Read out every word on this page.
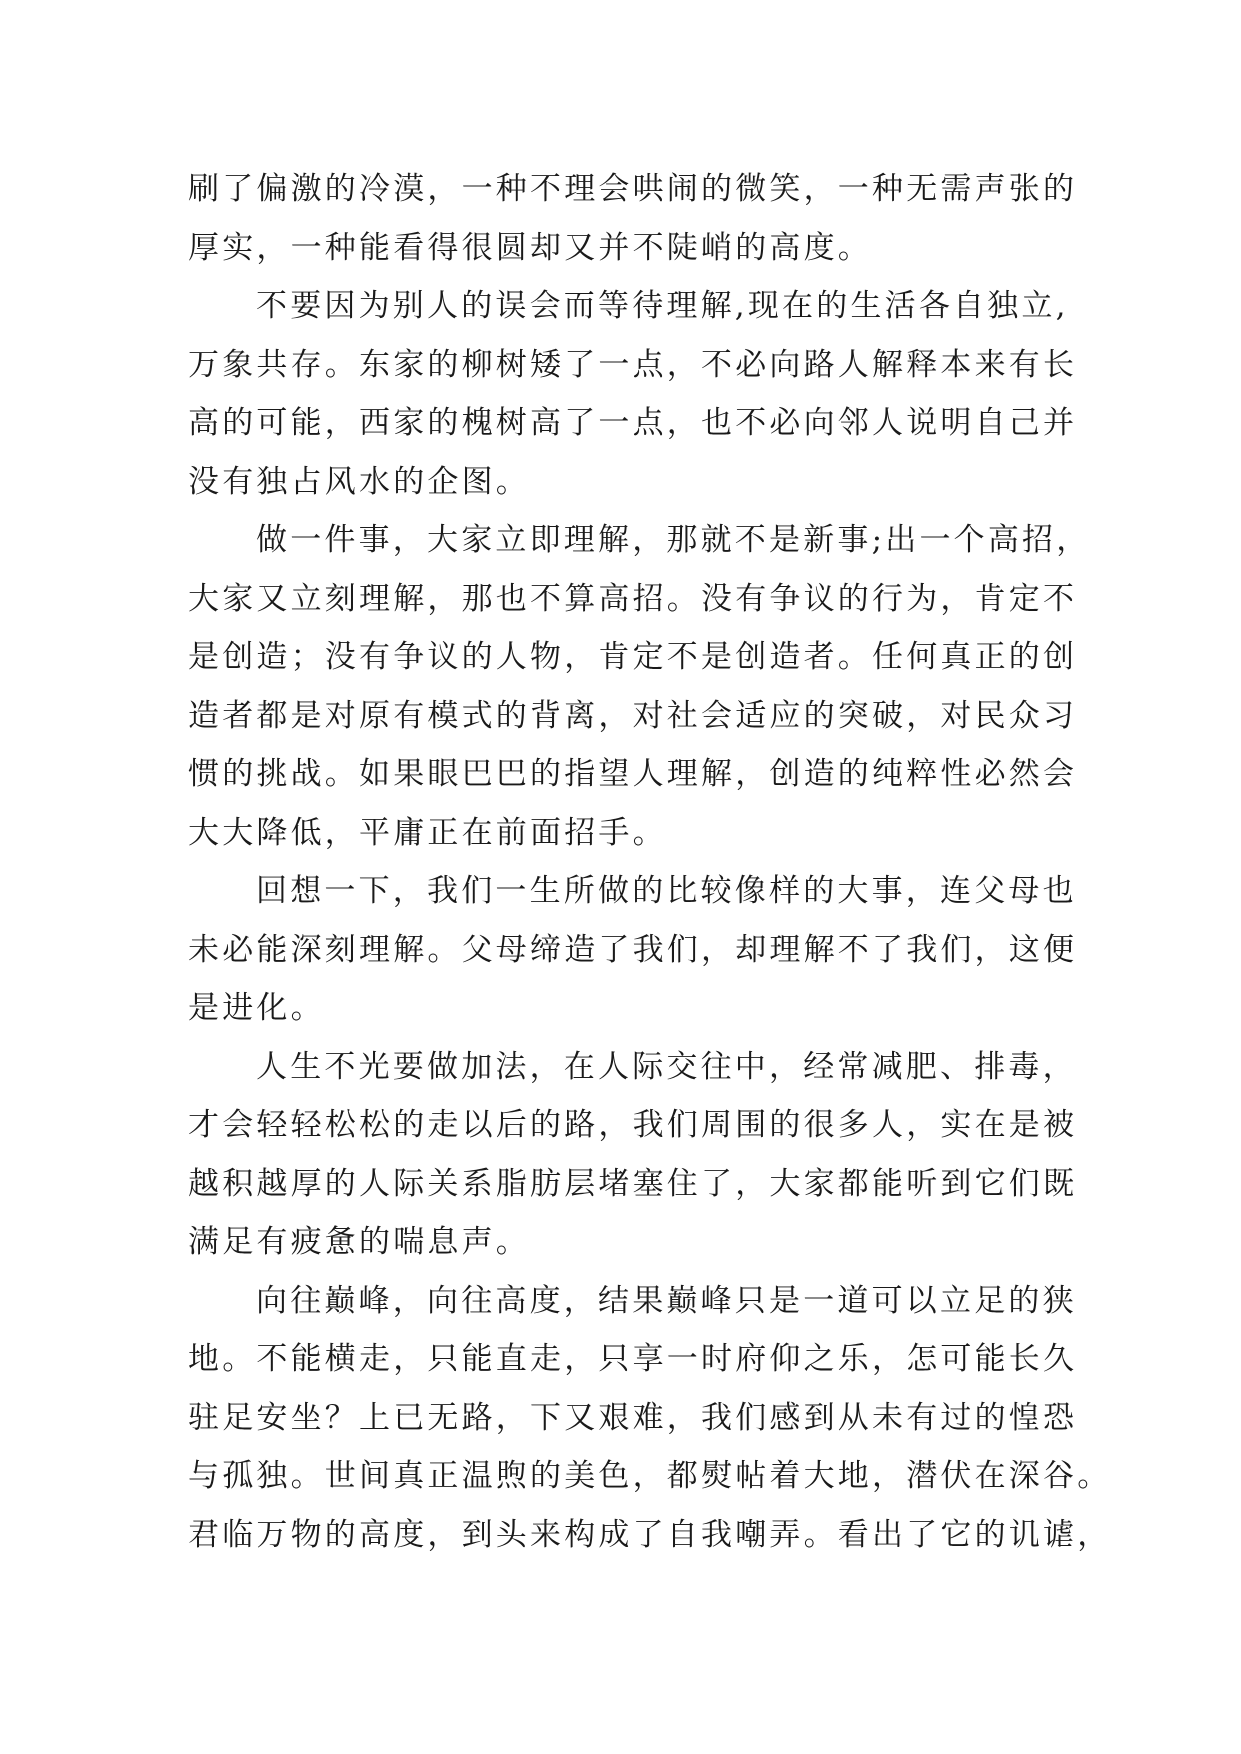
刷了偏激的冷漠，一种不理会哄闹的微笑，一种无需声张的
厚实，一种能看得很圆却又并不陡峭的高度。
不要因为别人的误会而等待理解,现在的生活各自独立,
万象共存。东家的柳树矮了一点，不必向路人解释本来有长
高的可能，西家的槐树高了一点，也不必向邻人说明自己并
没有独占风水的企图。
做一件事，大家立即理解，那就不是新事;出一个高招，
大家又立刻理解，那也不算高招。没有争议的行为，肯定不
是创造；没有争议的人物，肯定不是创造者。任何真正的创
造者都是对原有模式的背离，对社会适应的突破，对民众习
惯的挑战。如果眼巴巴的指望人理解，创造的纯粹性必然会
大大降低，平庸正在前面招手。
回想一下，我们一生所做的比较像样的大事，连父母也
未必能深刻理解。父母缔造了我们，却理解不了我们，这便
是进化。
人生不光要做加法，在人际交往中，经常减肥、排毒，
才会轻轻松松的走以后的路，我们周围的很多人，实在是被
越积越厚的人际关系脂肪层堵塞住了，大家都能听到它们既
满足有疲惫的喘息声。
向往巅峰，向往高度，结果巅峰只是一道可以立足的狭
地。不能横走，只能直走，只享一时府仰之乐，怎可能长久
驻足安坐？上已无路，下又艰难，我们感到从未有过的惶恐
与孤独。世间真正温煦的美色，都熨帖着大地，潜伏在深谷。
君临万物的高度，到头来构成了自我嘲弄。看出了它的讥谑，
